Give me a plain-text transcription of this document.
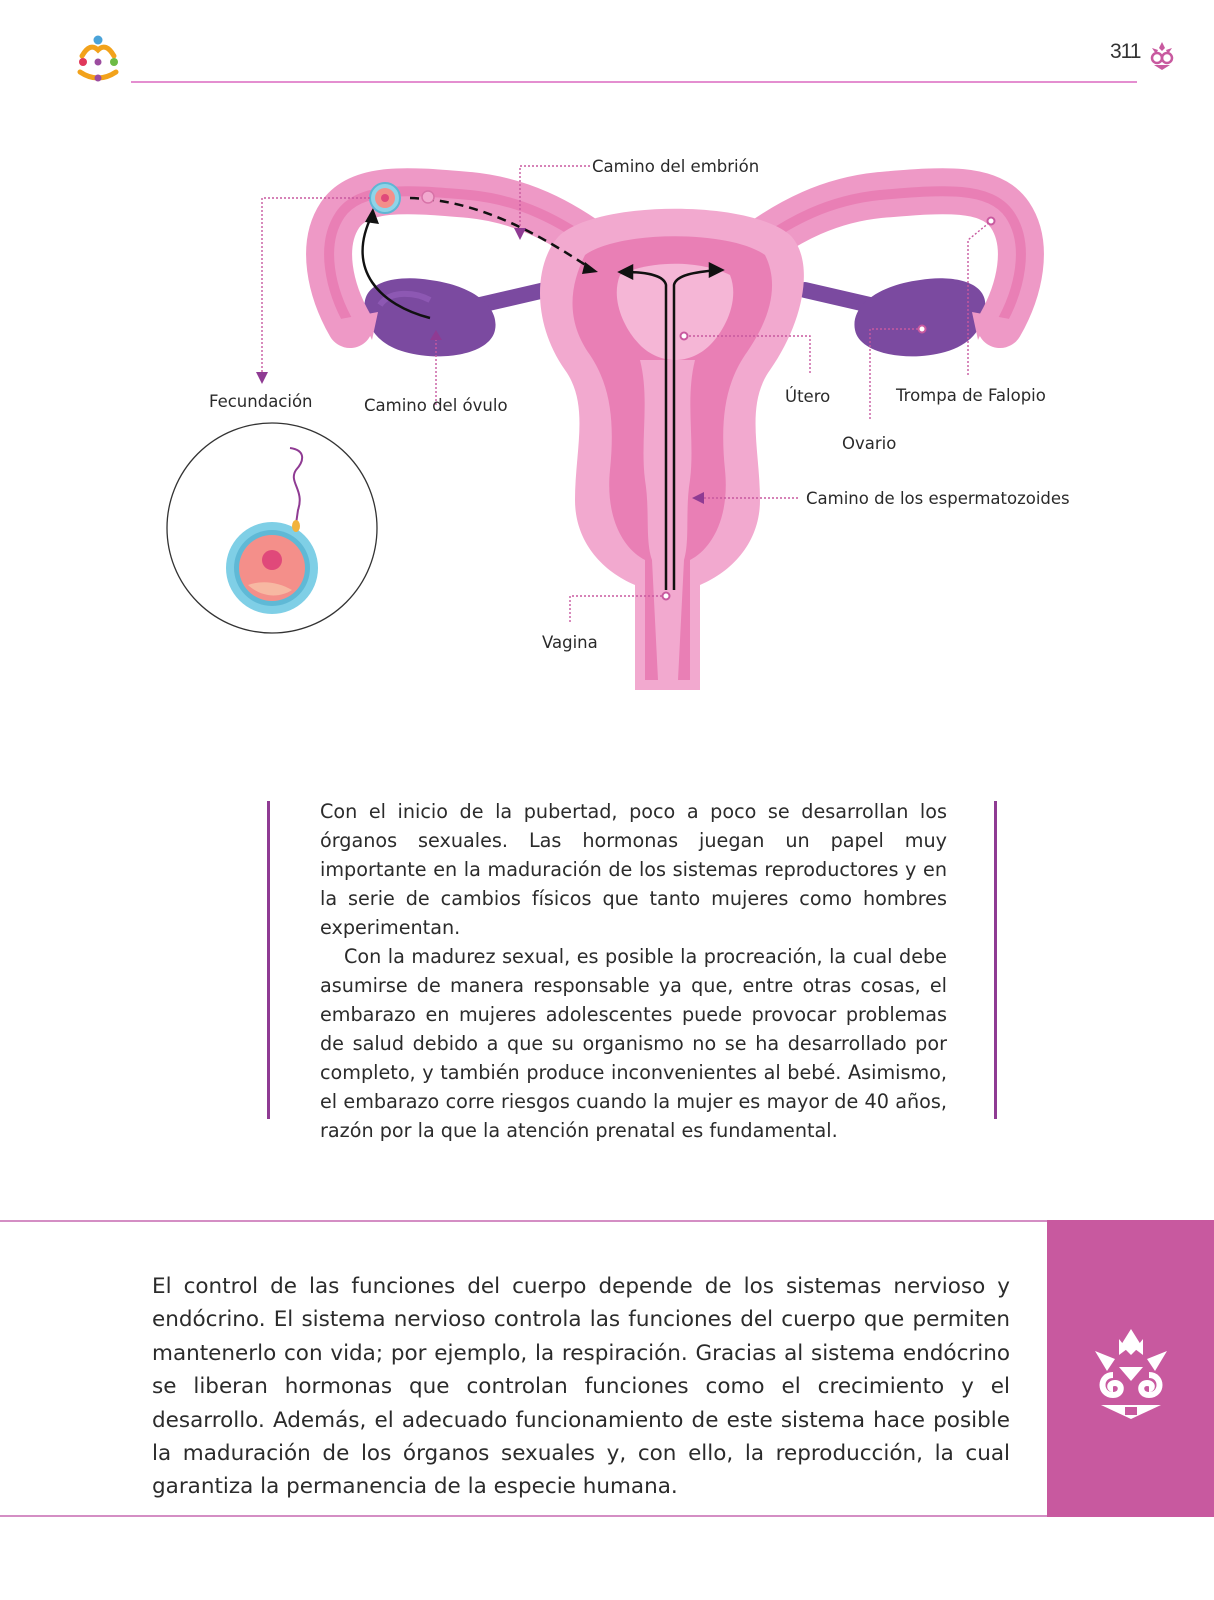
311
Camino del embrión
Fecundación	Camino del óvulo	Útero	Trompa de Falopio
Ovario
Camino de los espermatozoides
Vagina

Con el inicio de la pubertad, poco a poco se desarrollan los órganos sexuales. Las hormonas juegan un papel muy importante en la maduración de los sistemas reproductores y en la serie de cambios físicos que tanto mujeres como hombres experimentan.

Con la madurez sexual, es posible la procreación, la cual debe asumirse de manera responsable ya que, entre otras cosas, el embarazo en mujeres adolescentes puede provocar problemas de salud debido a que su organismo no se ha desarrollado por completo, y también produce inconvenientes al bebé. Asimismo, el embarazo corre riesgos cuando la mujer es mayor de 40 años, razón por la que la atención prenatal es fundamental.

El control de las funciones del cuerpo depende de los sistemas nervioso y endócrino. El sistema nervioso controla las funciones del cuerpo que permiten mantenerlo con vida; por ejemplo, la respiración. Gracias al sistema endócrino se liberan hormonas que controlan funciones como el crecimiento y el desarrollo. Además, el adecuado funcionamiento de este sistema hace posible la maduración de los órganos sexuales y, con ello, la reproducción, la cual garantiza la permanencia de la especie humana.
